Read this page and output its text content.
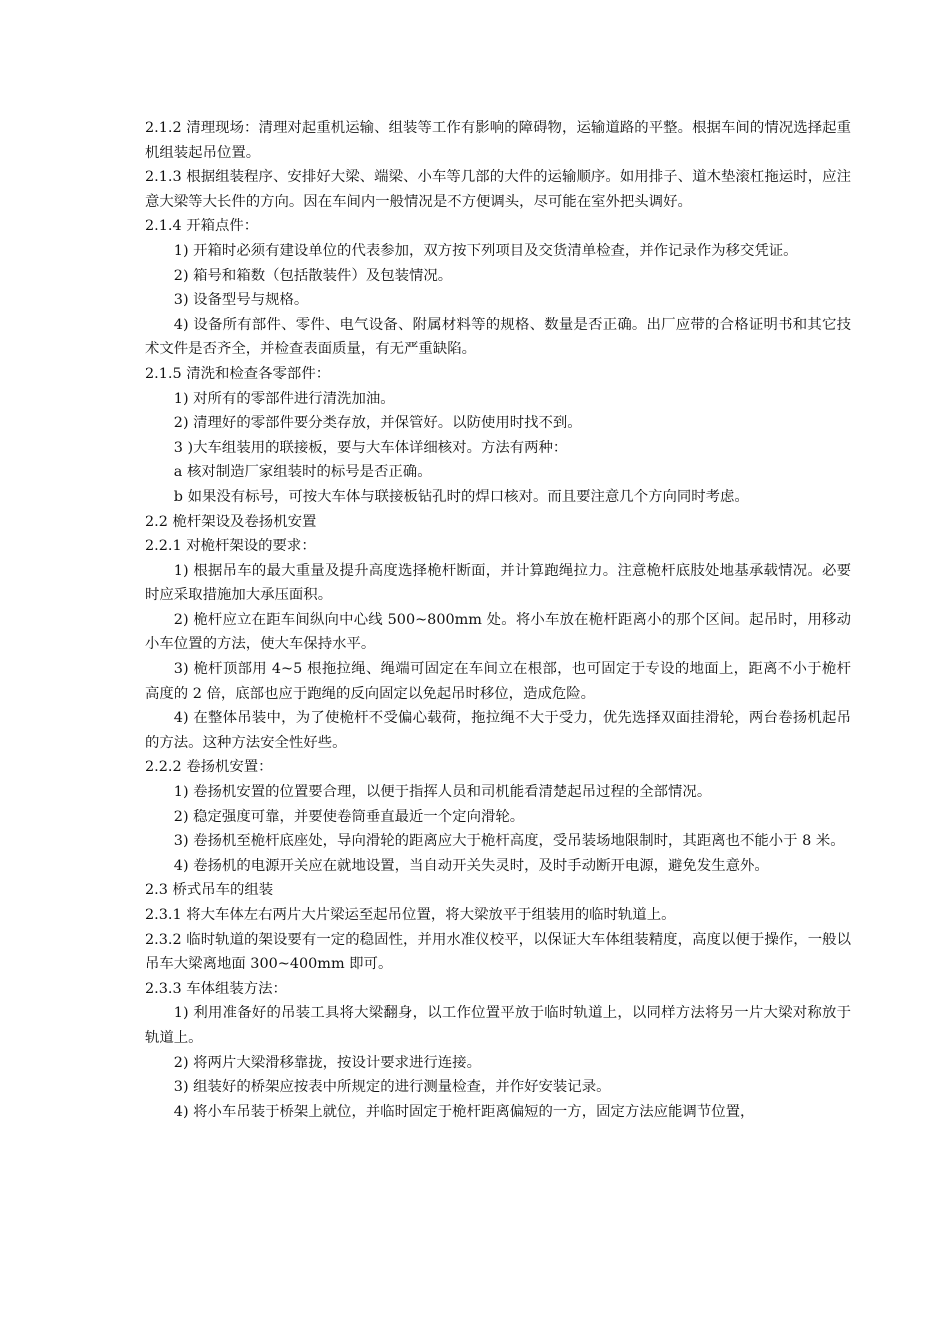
2.1.2 清理现场：清理对起重机运输、组装等工作有影响的障碍物，运输道路的平整。根据车间的情况选择起重机组装起吊位置。

2.1.3 根据组装程序、安排好大梁、端梁、小车等几部的大件的运输顺序。如用排子、道木垫滚杠拖运时，应注意大梁等大长件的方向。因在车间内一般情况是不方便调头，尽可能在室外把头调好。

2.1.4 开箱点件：

1) 开箱时必须有建设单位的代表参加，双方按下列项目及交货清单检查，并作记录作为移交凭证。

2) 箱号和箱数（包括散装件）及包装情况。

3) 设备型号与规格。

4) 设备所有部件、零件、电气设备、附属材料等的规格、数量是否正确。出厂应带的合格证明书和其它技术文件是否齐全，并检查表面质量，有无严重缺陷。

2.1.5 清洗和检查各零部件：

1) 对所有的零部件进行清洗加油。

2) 清理好的零部件要分类存放，并保管好。以防使用时找不到。

3 )大车组装用的联接板，要与大车体详细核对。方法有两种：

a 核对制造厂家组装时的标号是否正确。

b 如果没有标号，可按大车体与联接板钻孔时的焊口核对。而且要注意几个方向同时考虑。

2.2 桅杆架设及卷扬机安置

2.2.1 对桅杆架设的要求：

1) 根据吊车的最大重量及提升高度选择桅杆断面，并计算跑绳拉力。注意桅杆底肢处地基承载情况。必要时应采取措施加大承压面积。

2) 桅杆应立在距车间纵向中心线 500~800mm 处。将小车放在桅杆距离小的那个区间。起吊时，用移动小车位置的方法，使大车保持水平。

3) 桅杆顶部用 4~5 根拖拉绳、绳端可固定在车间立在根部，也可固定于专设的地面上，距离不小于桅杆高度的 2 倍，底部也应于跑绳的反向固定以免起吊时移位，造成危险。

4) 在整体吊装中，为了使桅杆不受偏心载荷，拖拉绳不大于受力，优先选择双面挂滑轮，两台卷扬机起吊的方法。这种方法安全性好些。

2.2.2 卷扬机安置：

1) 卷扬机安置的位置要合理，以便于指挥人员和司机能看清楚起吊过程的全部情况。

2) 稳定强度可靠，并要使卷筒垂直最近一个定向滑轮。

3) 卷扬机至桅杆底座处，导向滑轮的距离应大于桅杆高度，受吊装场地限制时，其距离也不能小于 8 米。

4) 卷扬机的电源开关应在就地设置，当自动开关失灵时，及时手动断开电源，避免发生意外。

2.3 桥式吊车的组装

2.3.1 将大车体左右两片大片梁运至起吊位置，将大梁放平于组装用的临时轨道上。

2.3.2 临时轨道的架设要有一定的稳固性，并用水准仪校平，以保证大车体组装精度，高度以便于操作，一般以吊车大梁离地面 300~400mm 即可。

2.3.3 车体组装方法：

1) 利用准备好的吊装工具将大梁翻身，以工作位置平放于临时轨道上，以同样方法将另一片大梁对称放于轨道上。

2) 将两片大梁滑移靠拢，按设计要求进行连接。

3) 组装好的桥架应按表中所规定的进行测量检查，并作好安装记录。

4) 将小车吊装于桥架上就位，并临时固定于桅杆距离偏短的一方，固定方法应能调节位置，
